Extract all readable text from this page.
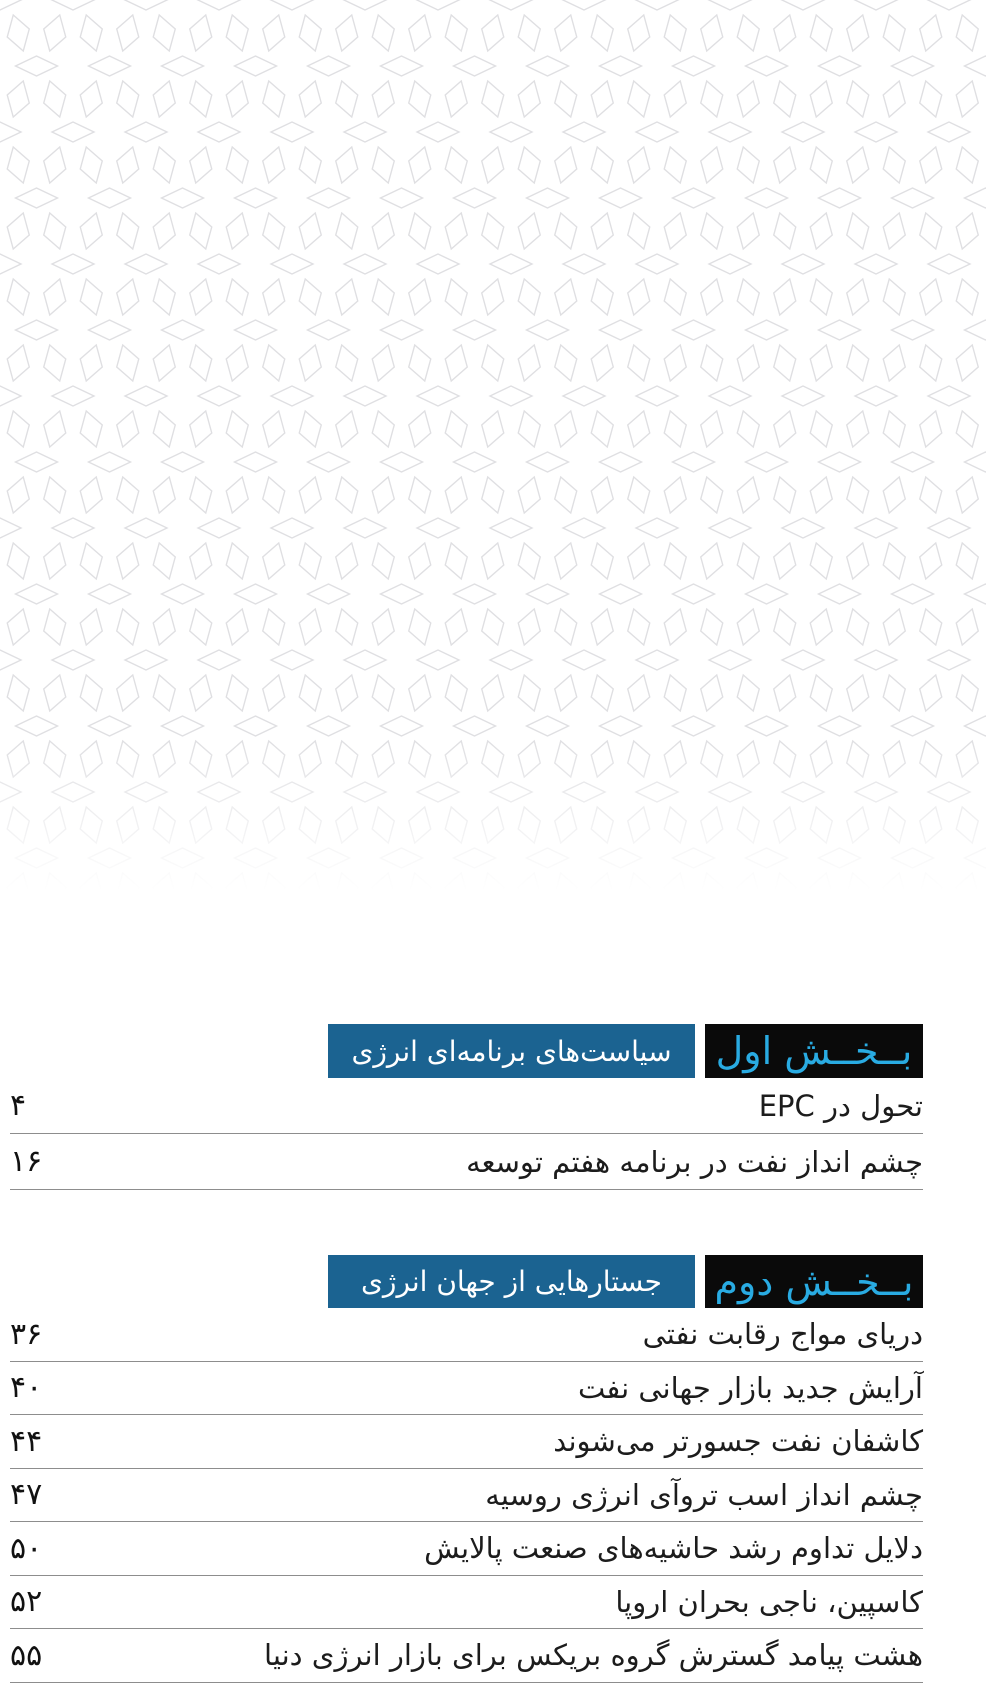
بــخــش اول
سیاست‌های برنامه‌ای انرژی
تحول در EPC
۴
چشم انداز نفت در برنامه هفتم توسعه
۱۶
بــخــش دوم
جستارهایی از جهان انرژی
دریای مواج رقابت نفتی
۳۶
آرایش جدید بازار جهانی نفت
۴۰
کاشفان نفت جسورتر می‌شوند
۴۴
چشم انداز اسب تروآی انرژی روسیه
۴۷
دلایل تداوم رشد حاشیه‌های صنعت پالایش
۵۰
کاسپین، ناجی بحران اروپا
۵۲
هشت پیامد گسترش گروه بریکس برای بازار انرژی دنیا
۵۵
